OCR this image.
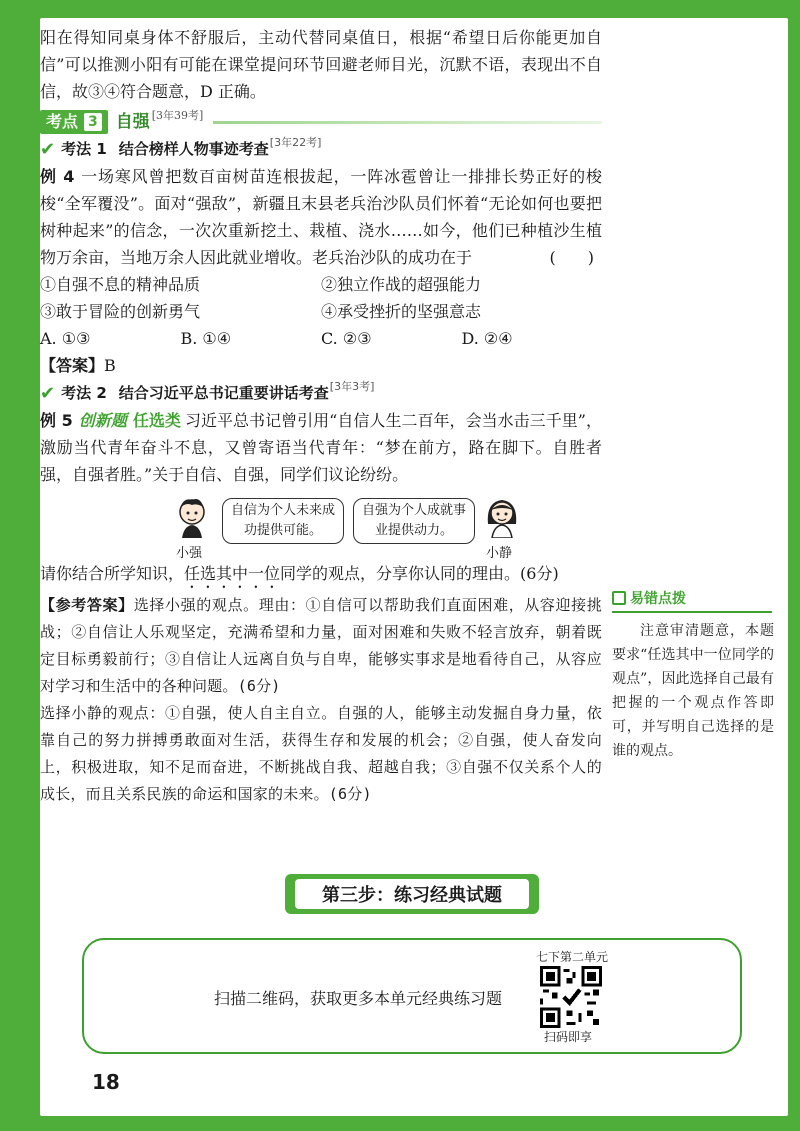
阳在得知同桌身体不舒服后，主动代替同桌值日，根据“希望日后你能更加自信”可以推测小阳有可能在课堂提问环节回避老师目光，沉默不语，表现出不自信，故③④符合题意，D 正确。

考点 3 自强 [3年39考]
✔ 考法 1 结合榜样人物事迹考查 [3年22考]

例 4 一场寒风曾把数百亩树苗连根拔起，一阵冰雹曾让一排排长势正好的梭梭“全军覆没”。面对“强敌”，新疆且末县老兵治沙队员们怀着“无论如何也要把树种起来”的信念，一次次重新挖土、栽植、浇水……如今，他们已种植沙生植物万余亩，当地万余人因此就业增收。老兵治沙队的成功在于	(　　)

①自强不息的精神品质	②独立作战的超强能力
③敢于冒险的创新勇气	④承受挫折的坚强意志
A. ①③	B. ①④	C. ②③	D. ②④

【答案】B

✔ 考法 2 结合习近平总书记重要讲话考查 [3年3考]

例 5 创新题 任选类 习近平总书记曾引用“自信人生二百年，会当水击三千里”，激励当代青年奋斗不息，又曾寄语当代青年：“梦在前方，路在脚下。自胜者强，自强者胜。”关于自信、自强，同学们议论纷纷。

小强
自信为个人未来成功提供可能。
自强为个人成就事业提供动力。
小静

请你结合所学知识，任选其中一位同学的观点，分享你认同的理由。(6分)

【参考答案】选择小强的观点。理由：①自信可以帮助我们直面困难，从容迎接挑战；②自信让人乐观坚定，充满希望和力量，面对困难和失败不轻言放弃，朝着既定目标勇毅前行；③自信让人远离自负与自卑，能够实事求是地看待自己，从容应对学习和生活中的各种问题。(6分)

选择小静的观点：①自强，使人自主自立。自强的人，能够主动发掘自身力量，依靠自己的努力拼搏勇敢面对生活，获得生存和发展的机会；②自强，使人奋发向上，积极进取，知不足而奋进，不断挑战自我、超越自我；③自强不仅关系个人的成长，而且关系民族的命运和国家的未来。(6分)

易错点拨

注意审清题意，本题要求“任选其中一位同学的观点”，因此选择自己最有把握的一个观点作答即可，并写明自己选择的是谁的观点。

第三步：练习经典试题
扫描二维码，获取更多本单元经典练习题
七下第二单元
扫码即享
18
